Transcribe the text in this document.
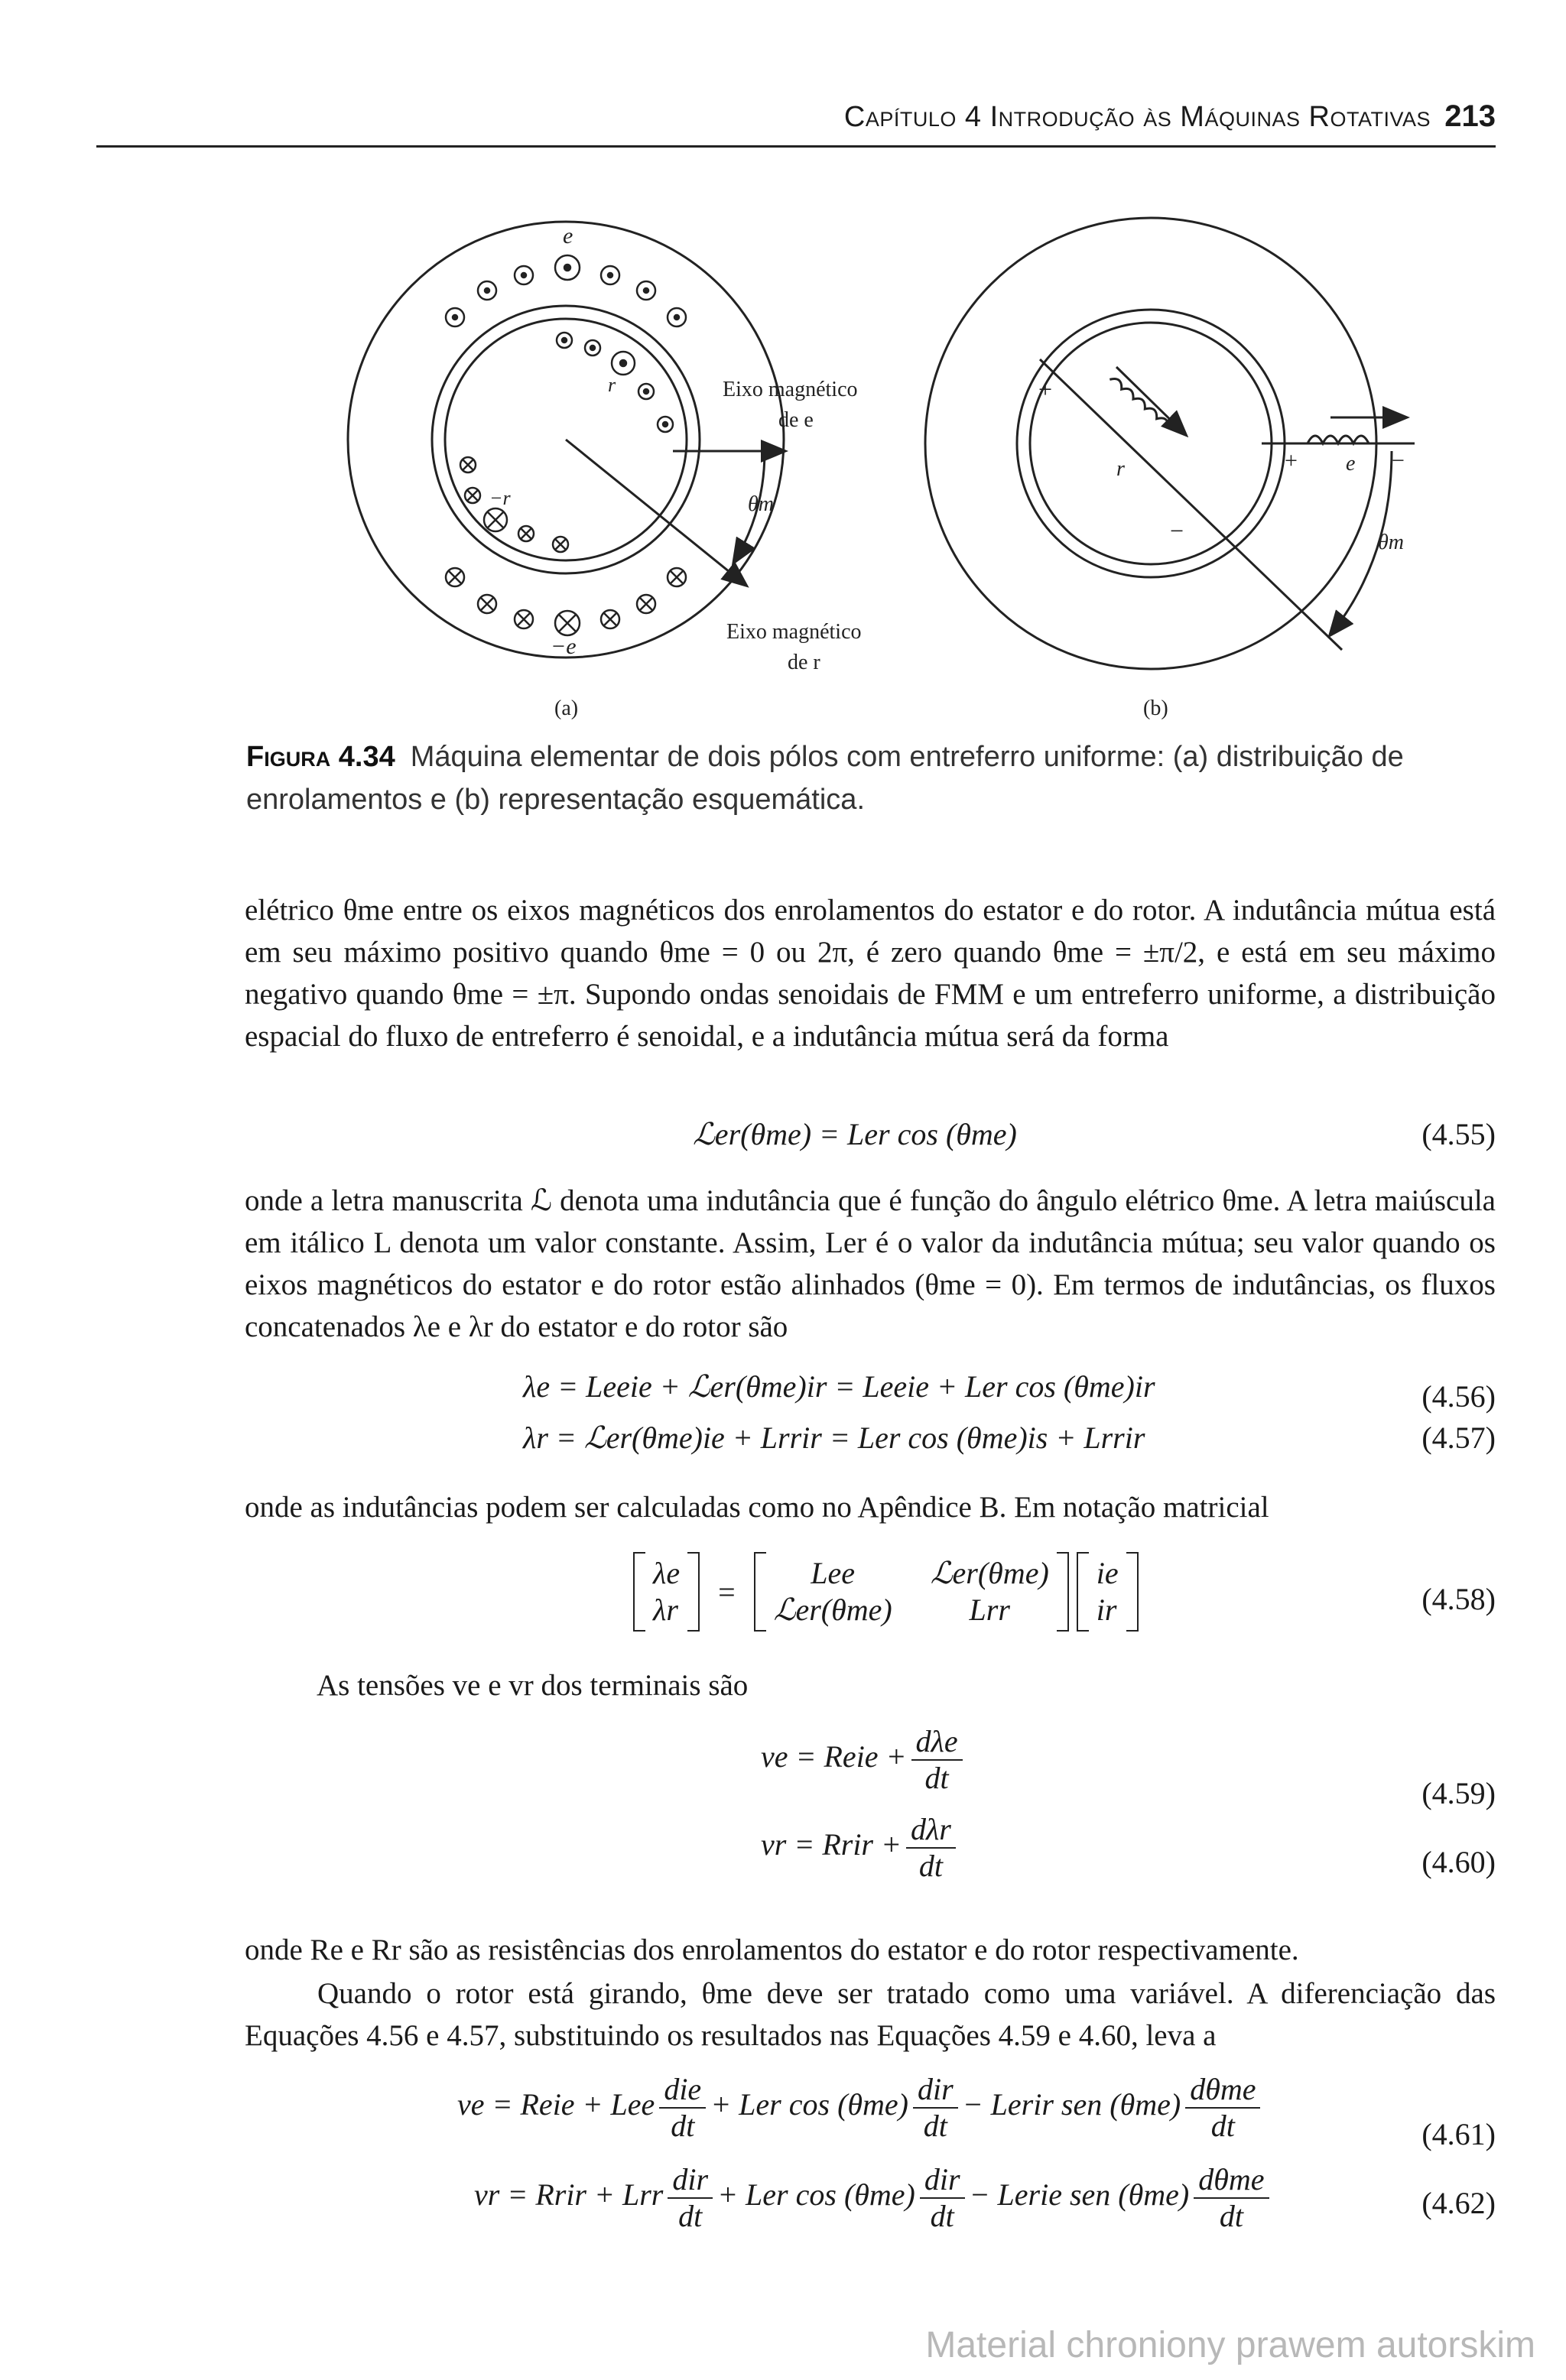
Capítulo 4 Introdução às Máquinas Rotativas 213
e
−e
r
−r
Eixo magnético
de e
θm
Eixo magnético
de r
(a)
+
−
r	+ e −
θm
(b)
Figura 4.34 Máquina elementar de dois pólos com entreferro uniforme: (a) distribuição de enrolamentos e (b) representação esquemática.
elétrico θme entre os eixos magnéticos dos enrolamentos do estator e do rotor. A indutância mútua está em seu máximo positivo quando θme = 0 ou 2π, é zero quando θme = ±π/2, e está em seu máximo negativo quando θme = ±π. Supondo ondas senoidais de FMM e um entreferro uniforme, a distribuição espacial do fluxo de entreferro é senoidal, e a indutância mútua será da forma
ℒer(θme) = Ler cos (θme)	(4.55)
onde a letra manuscrita ℒ denota uma indutância que é função do ângulo elétrico θme. A letra maiúscula em itálico L denota um valor constante. Assim, Ler é o valor da indutância mútua; seu valor quando os eixos magnéticos do estator e do rotor estão alinhados (θme = 0). Em termos de indutâncias, os fluxos concatenados λe e λr do estator e do rotor são
λe = Leeie + ℒer(θme)ir = Leeie + Ler cos (θme)ir	(4.56)
λr = ℒer(θme)ie + Lrrir = Ler cos (θme)is + Lrrir	(4.57)
onde as indutâncias podem ser calculadas como no Apêndice B. Em notação matricial
λe
λr
=
Lee	ℒer(θme)
ℒer(θme)	Lrr

ie
ir	(4.58)
As tensões ve e vr dos terminais são
ve = Reie + $\frac{\text{dλe}}{dt}$	(4.59)
vr = Rrir + $\frac{\text{dλr}}{dt}$	(4.60)
onde Re e Rr são as resistências dos enrolamentos do estator e do rotor respectivamente.
Quando o rotor está girando, θme deve ser tratado como uma variável. A diferenciação das Equações 4.56 e 4.57, substituindo os resultados nas Equações 4.59 e 4.60, leva a
ve = Reie + Lee $\frac{\text{die}}{dt}$ + Ler $\cos (\theta me) \frac{\text{dir}}{dt}$ − Lerir sen $(\theta me) \frac{\text{dθme}}{dt}$	(4.61)
vr = Rrir + Lrr $\frac{\text{dir}}{dt}$ + Ler $\cos (\theta me) \frac{\text{dir}}{dt}$ − Lerie sen $(\theta me) \frac{\text{dθme}}{dt}$	(4.62)
Material chroniony prawem autorskim
